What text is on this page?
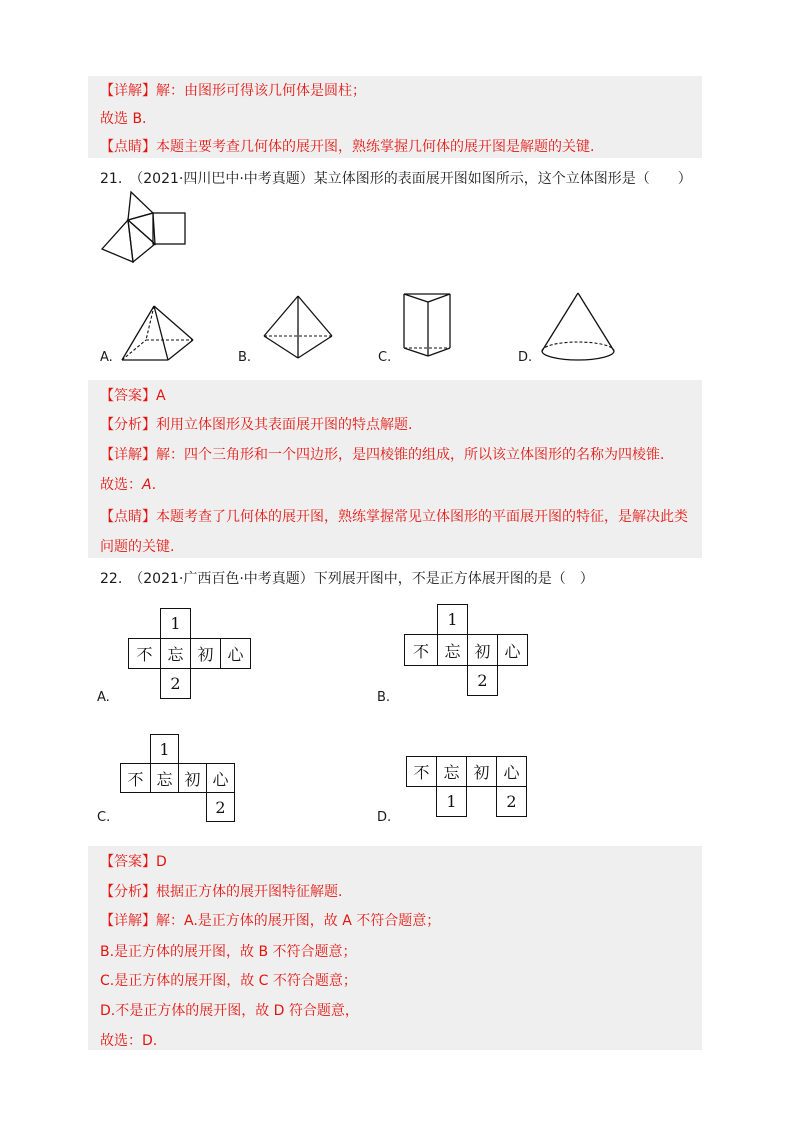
【详解】解：由图形可得该几何体是圆柱；
故选 B.
【点睛】本题主要考查几何体的展开图，熟练掌握几何体的展开图是解题的关键.
21.　（2021·四川巴中·中考真题）某立体图形的表面展开图如图所示，这个立体图形是（　　）
A.	B.	C.	D.
【答案】A
【分析】利用立体图形及其表面展开图的特点解题.
【详解】解：四个三角形和一个四边形，是四棱锥的组成，所以该立体图形的名称为四棱锥.
故选：A.
【点睛】本题考查了几何体的展开图，熟练掌握常见立体图形的平面展开图的特征，是解决此类
问题的关键.
22.　（2021·广西百色·中考真题）下列展开图中，不是正方体展开图的是（　）
1
不 忘 初 心
2
A.
1
不 忘 初 心
2
B.
1
不 忘 初 心
2
C.
不 忘 初 心
1	2
D.
【答案】D
【分析】根据正方体的展开图特征解题.
【详解】解：A.是正方体的展开图，故 A 不符合题意；
B.是正方体的展开图，故 B 不符合题意；
C.是正方体的展开图，故 C 不符合题意；
D.不是正方体的展开图，故 D 符合题意，
故选：D.
